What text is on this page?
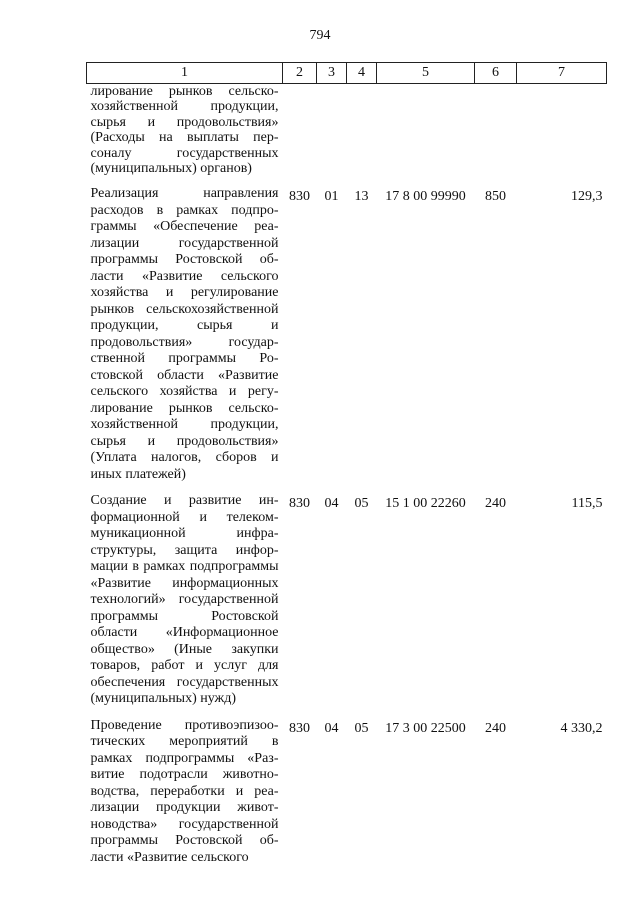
794
1	2	3	4	5	6	7
лирование рынков сельскохозяйственной продукции, сырья и продовольствия» (Расходы на выплаты персоналу государственных (муниципальных) органов)						
Реализация направления расходов в рамках подпрограммы «Обеспечение реализации государственной программы Ростовской области «Развитие сельского хозяйства и регулирование рынков сельскохозяйственной продукции, сырья и продовольствия» государственной программы Ростовской области «Развитие сельского хозяйства и регулирование рынков сельскохозяйственной продукции, сырья и продовольствия» (Уплата налогов, сборов и иных платежей)	830	01	13	17 8 00 99990	850	129,3
Создание и развитие информационной и телекоммуникационной инфраструктуры, защита информации в рамках подпрограммы «Развитие информационных технологий» государственной программы Ростовской области «Информационное общество» (Иные закупки товаров, работ и услуг для обеспечения государственных (муниципальных) нужд)	830	04	05	15 1 00 22260	240	115,5
Проведение противоэпизоотических мероприятий в рамках подпрограммы «Развитие подотрасли животноводства, переработки и реализации продукции животноводства» государственной программы Ростовской области «Развитие сельского	830	04	05	17 3 00 22500	240	4 330,2
